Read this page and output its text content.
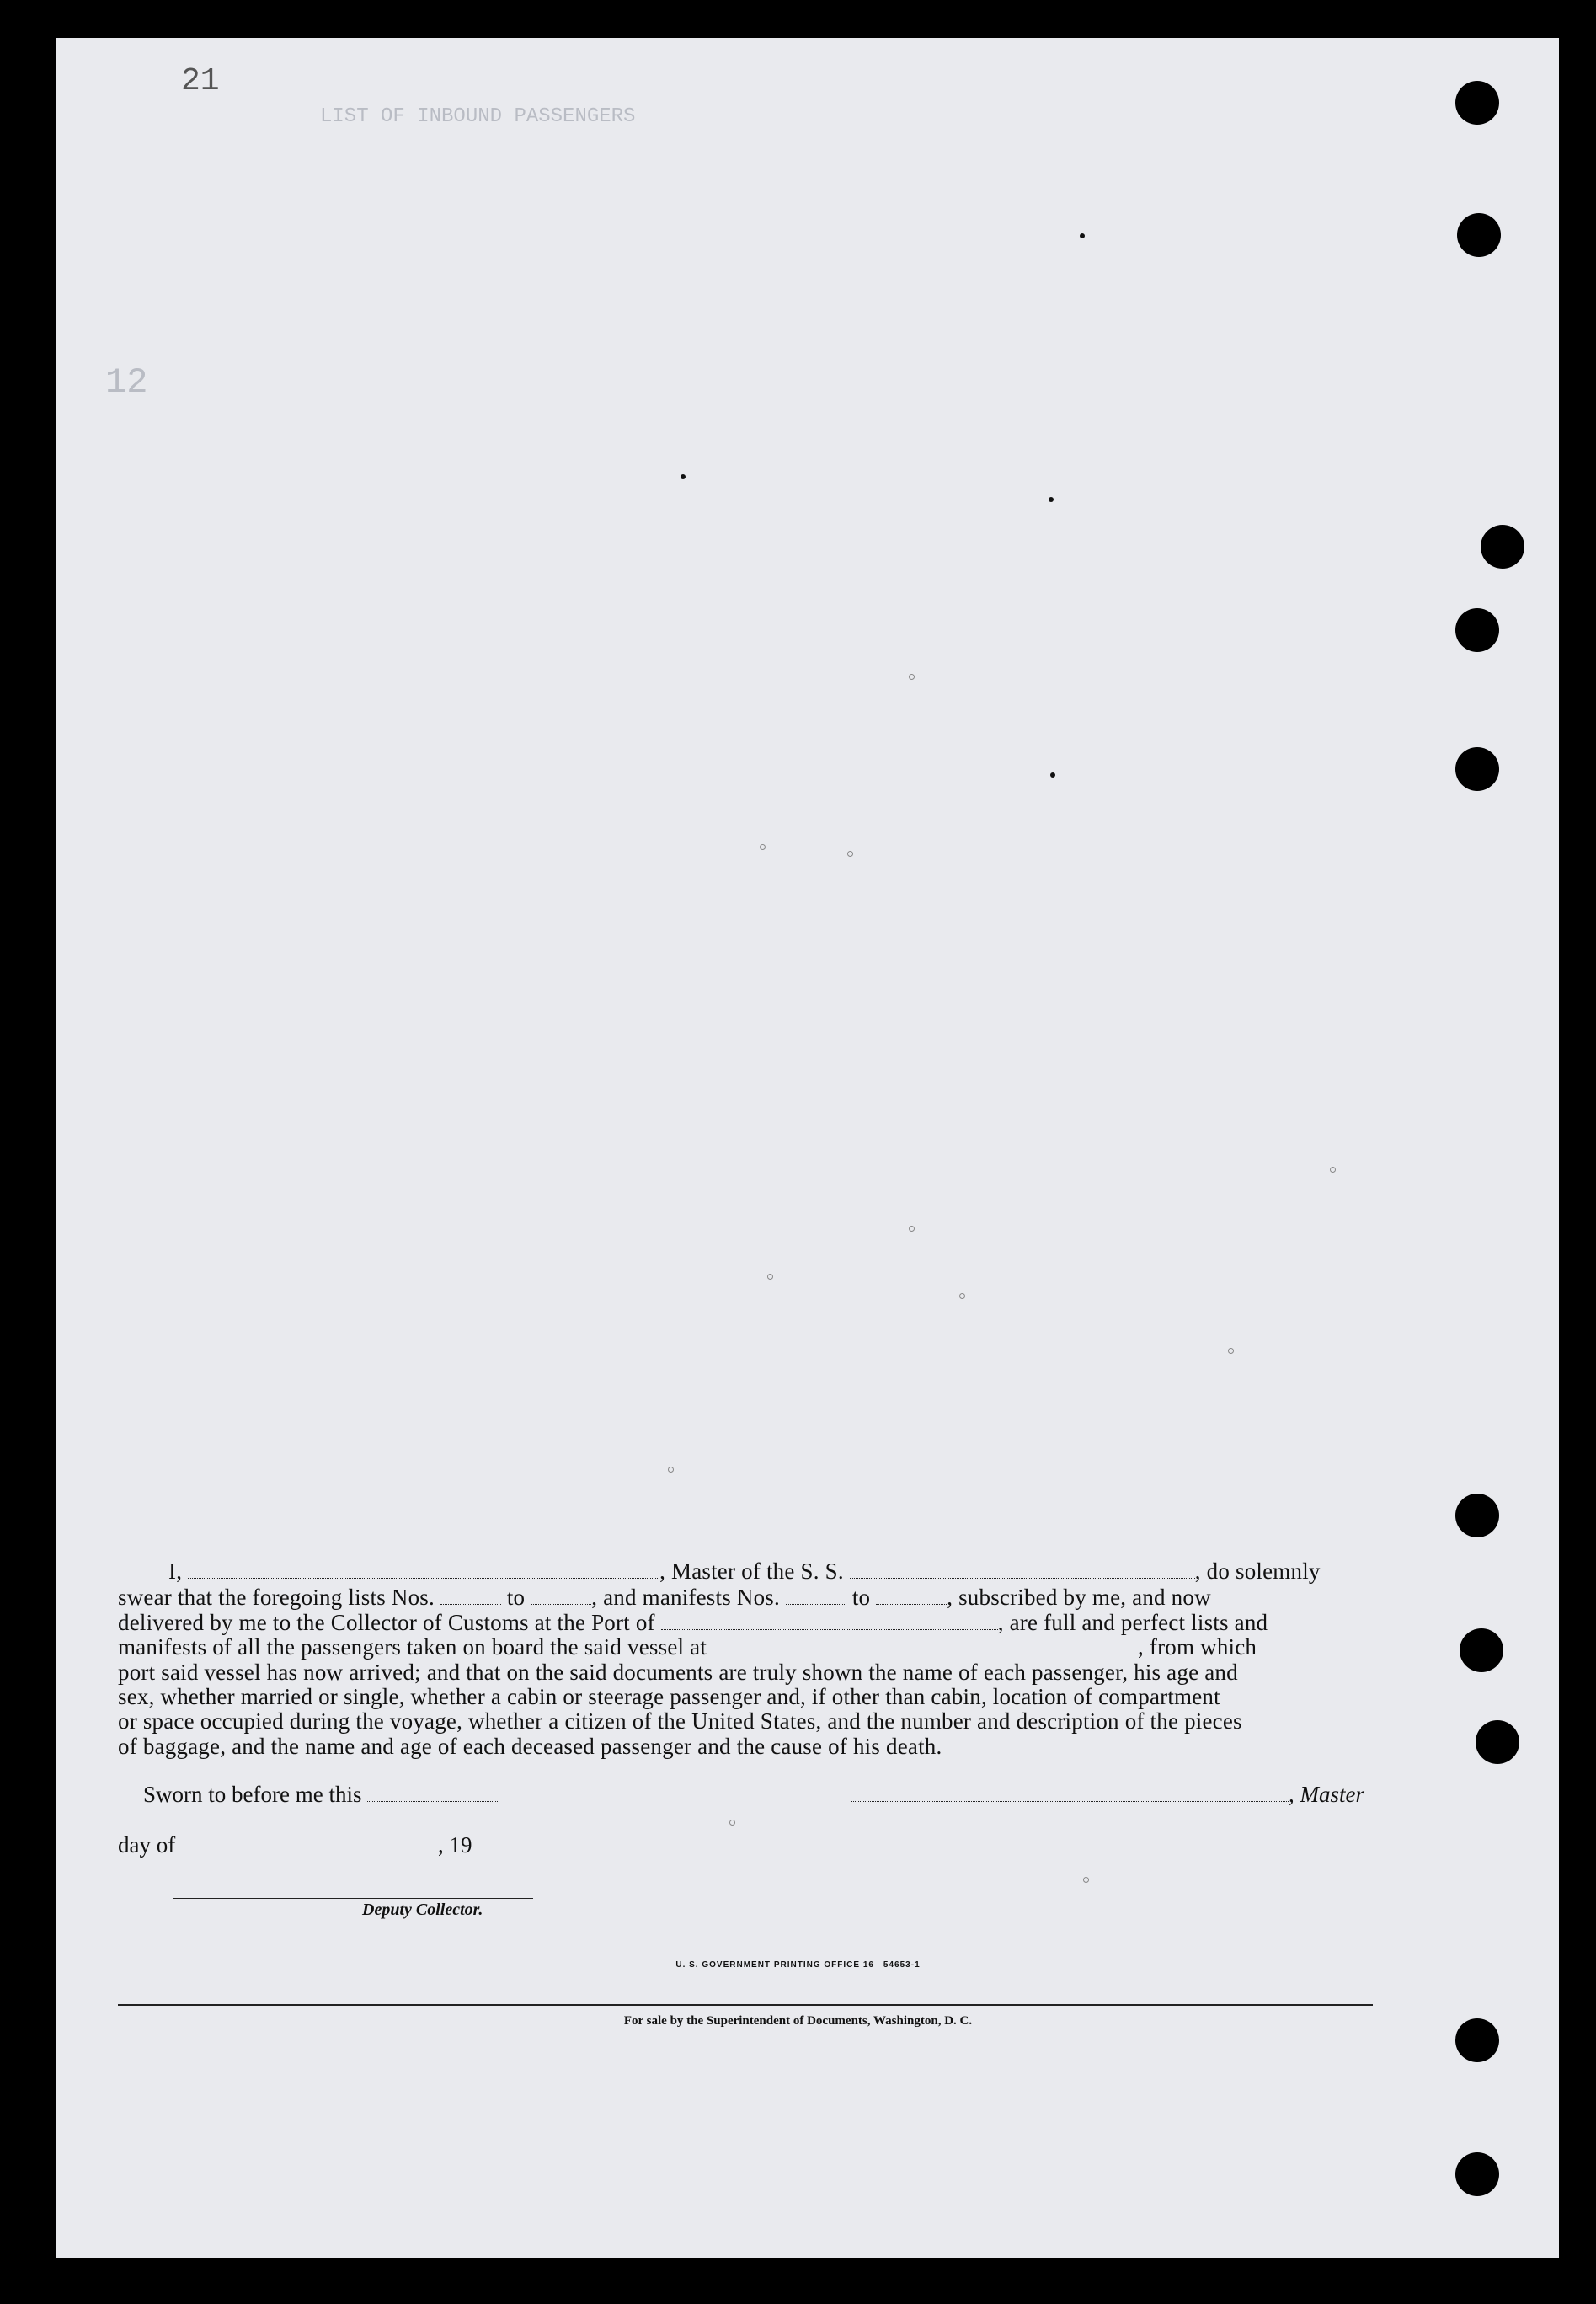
21
LIST OF INBOUND PASSENGERS
12
I,	, Master of the S. S.	, do solemnly
swear that the foregoing lists Nos.	to	, and manifests Nos.	to	, subscribed by me, and now
delivered by me to the Collector of Customs at the Port of	, are full and perfect lists and
manifests of all the passengers taken on board the said vessel at	, from which
port said vessel has now arrived; and that on the said documents are truly shown the name of each passenger, his age and
sex, whether married or single, whether a cabin or steerage passenger and, if other than cabin, location of compartment
or space occupied during the voyage, whether a citizen of the United States, and the number and description of the pieces
of baggage, and the name and age of each deceased passenger and the cause of his death.
Sworn to before me this	, Master
day of	, 19
Deputy Collector.
U. S. GOVERNMENT PRINTING OFFICE 16—54653-1
For sale by the Superintendent of Documents, Washington, D. C.
